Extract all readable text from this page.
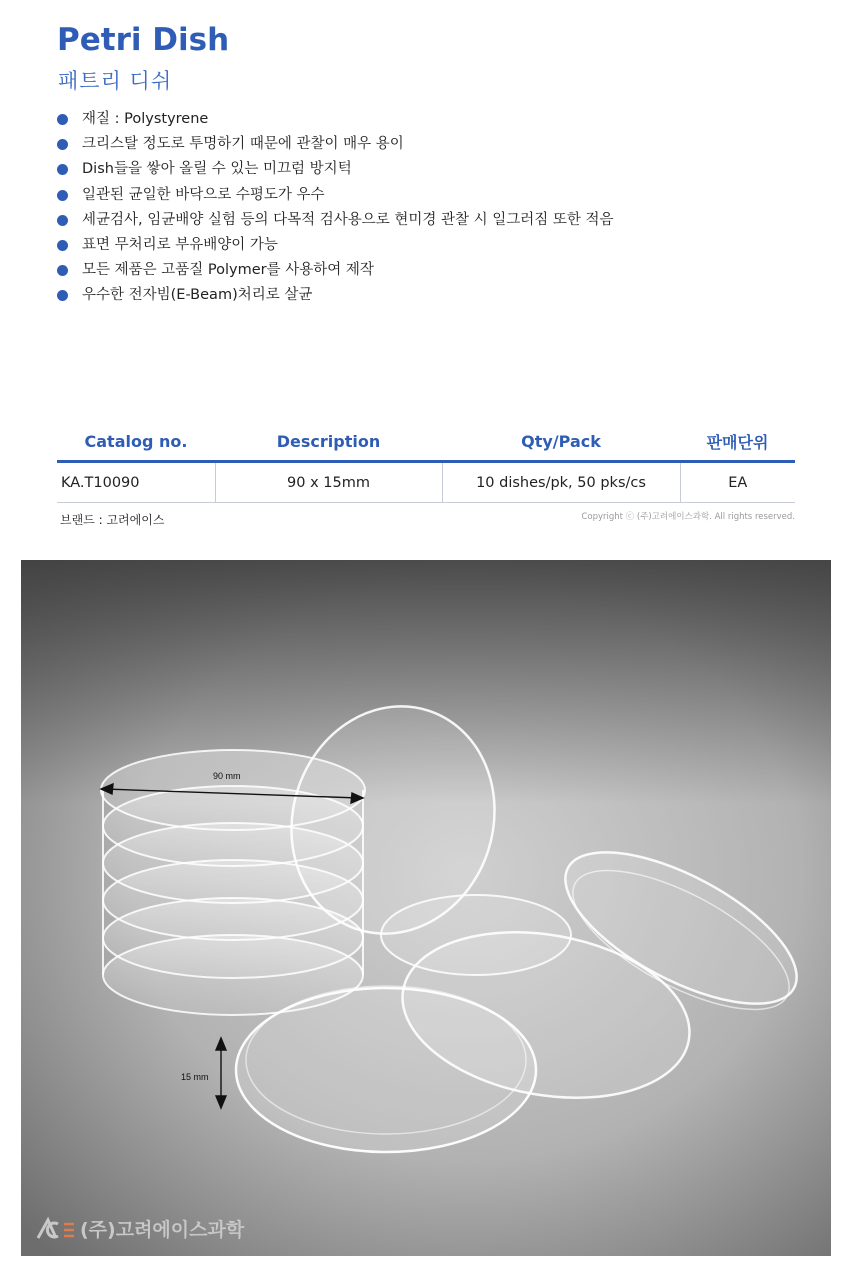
Petri Dish
패트리 디쉬
재질 : Polystyrene
크리스탈 정도로 투명하기 때문에 관찰이 매우 용이
Dish들을 쌓아 올릴 수 있는 미끄럼 방지턱
일관된 균일한 바닥으로 수평도가 우수
세균검사, 임균배양 실험 등의 다목적 검사용으로 현미경 관찰 시 일그러짐 또한 적음
표면 무처리로 부유배양이 가능
모든 제품은 고품질 Polymer를 사용하여 제작
우수한 전자빔(E-Beam)처리로 살균
Catalog no.	Description	Qty/Pack	판매단위
KA.T10090	90 x 15mm	10 dishes/pk, 50 pks/cs	EA
브랜드 : 고려에이스	Copyright ⓒ (주)고려에이스과학. All rights reserved.
90 mm
15 mm
(주)고려에이스과학
